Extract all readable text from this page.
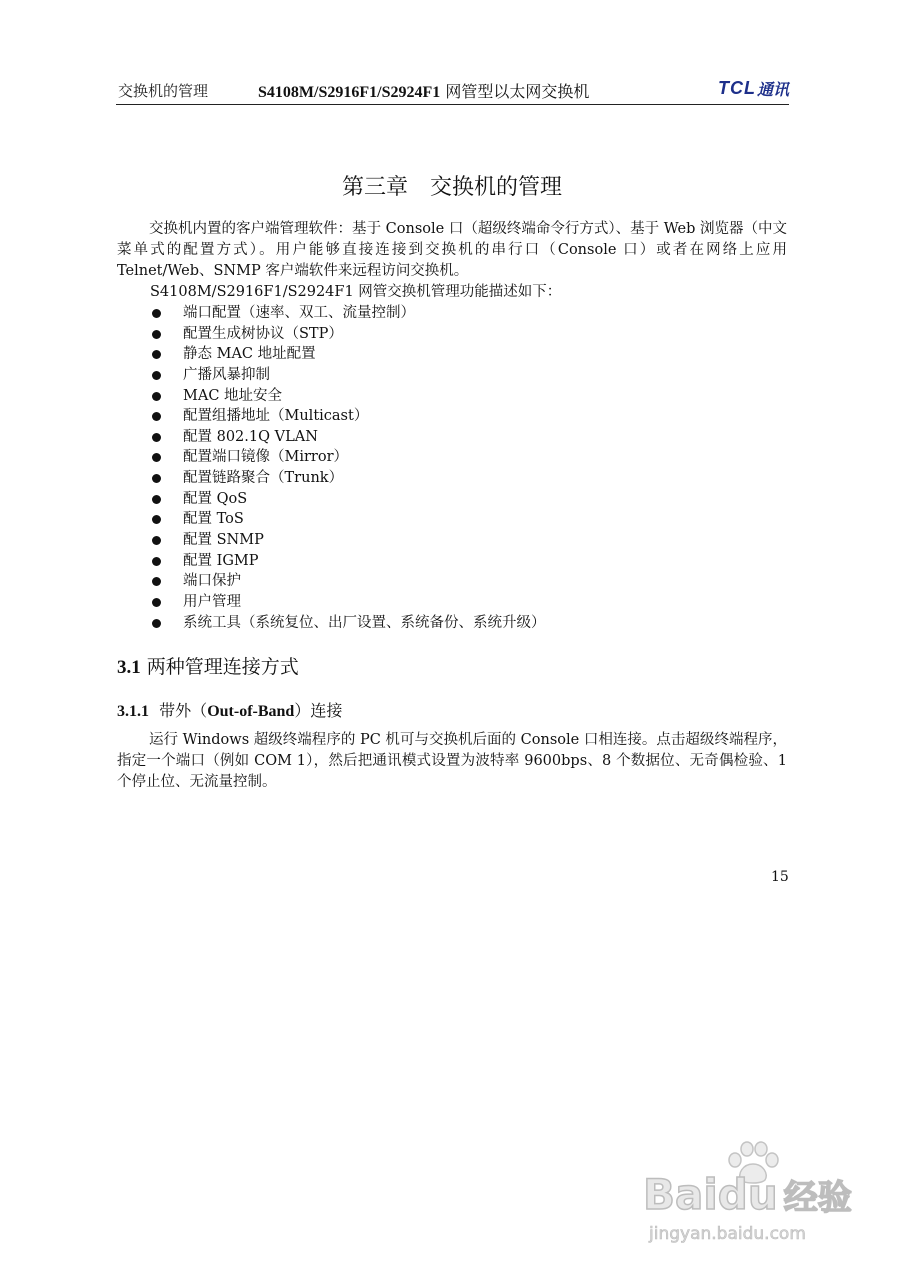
交换机的管理	S4108M/S2916F1/S2924F1 网管型以太网交换机	TCL 通讯
第三章　交换机的管理
交换机内置的客户端管理软件：基于 Console 口（超级终端命令行方式）、基于 Web 浏览器（中文菜单式的配置方式）。用户能够直接连接到交换机的串行口（Console 口）或者在网络上应用 Telnet/Web、SNMP 客户端软件来远程访问交换机。
S4108M/S2916F1/S2924F1 网管交换机管理功能描述如下：
端口配置（速率、双工、流量控制）
配置生成树协议（STP）
静态 MAC 地址配置
广播风暴抑制
MAC 地址安全
配置组播地址（Multicast）
配置 802.1Q VLAN
配置端口镜像（Mirror）
配置链路聚合（Trunk）
配置 QoS
配置 ToS
配置 SNMP
配置 IGMP
端口保护
用户管理
系统工具（系统复位、出厂设置、系统备份、系统升级）
3.1 两种管理连接方式
3.1.1  带外（Out-of-Band）连接
运行 Windows 超级终端程序的 PC 机可与交换机后面的 Console 口相连接。点击超级终端程序，指定一个端口（例如 COM 1），然后把通讯模式设置为波特率 9600bps、8 个数据位、无奇偶检验、1 个停止位、无流量控制。
15
Baidu 经验
jingyan.baidu.com
